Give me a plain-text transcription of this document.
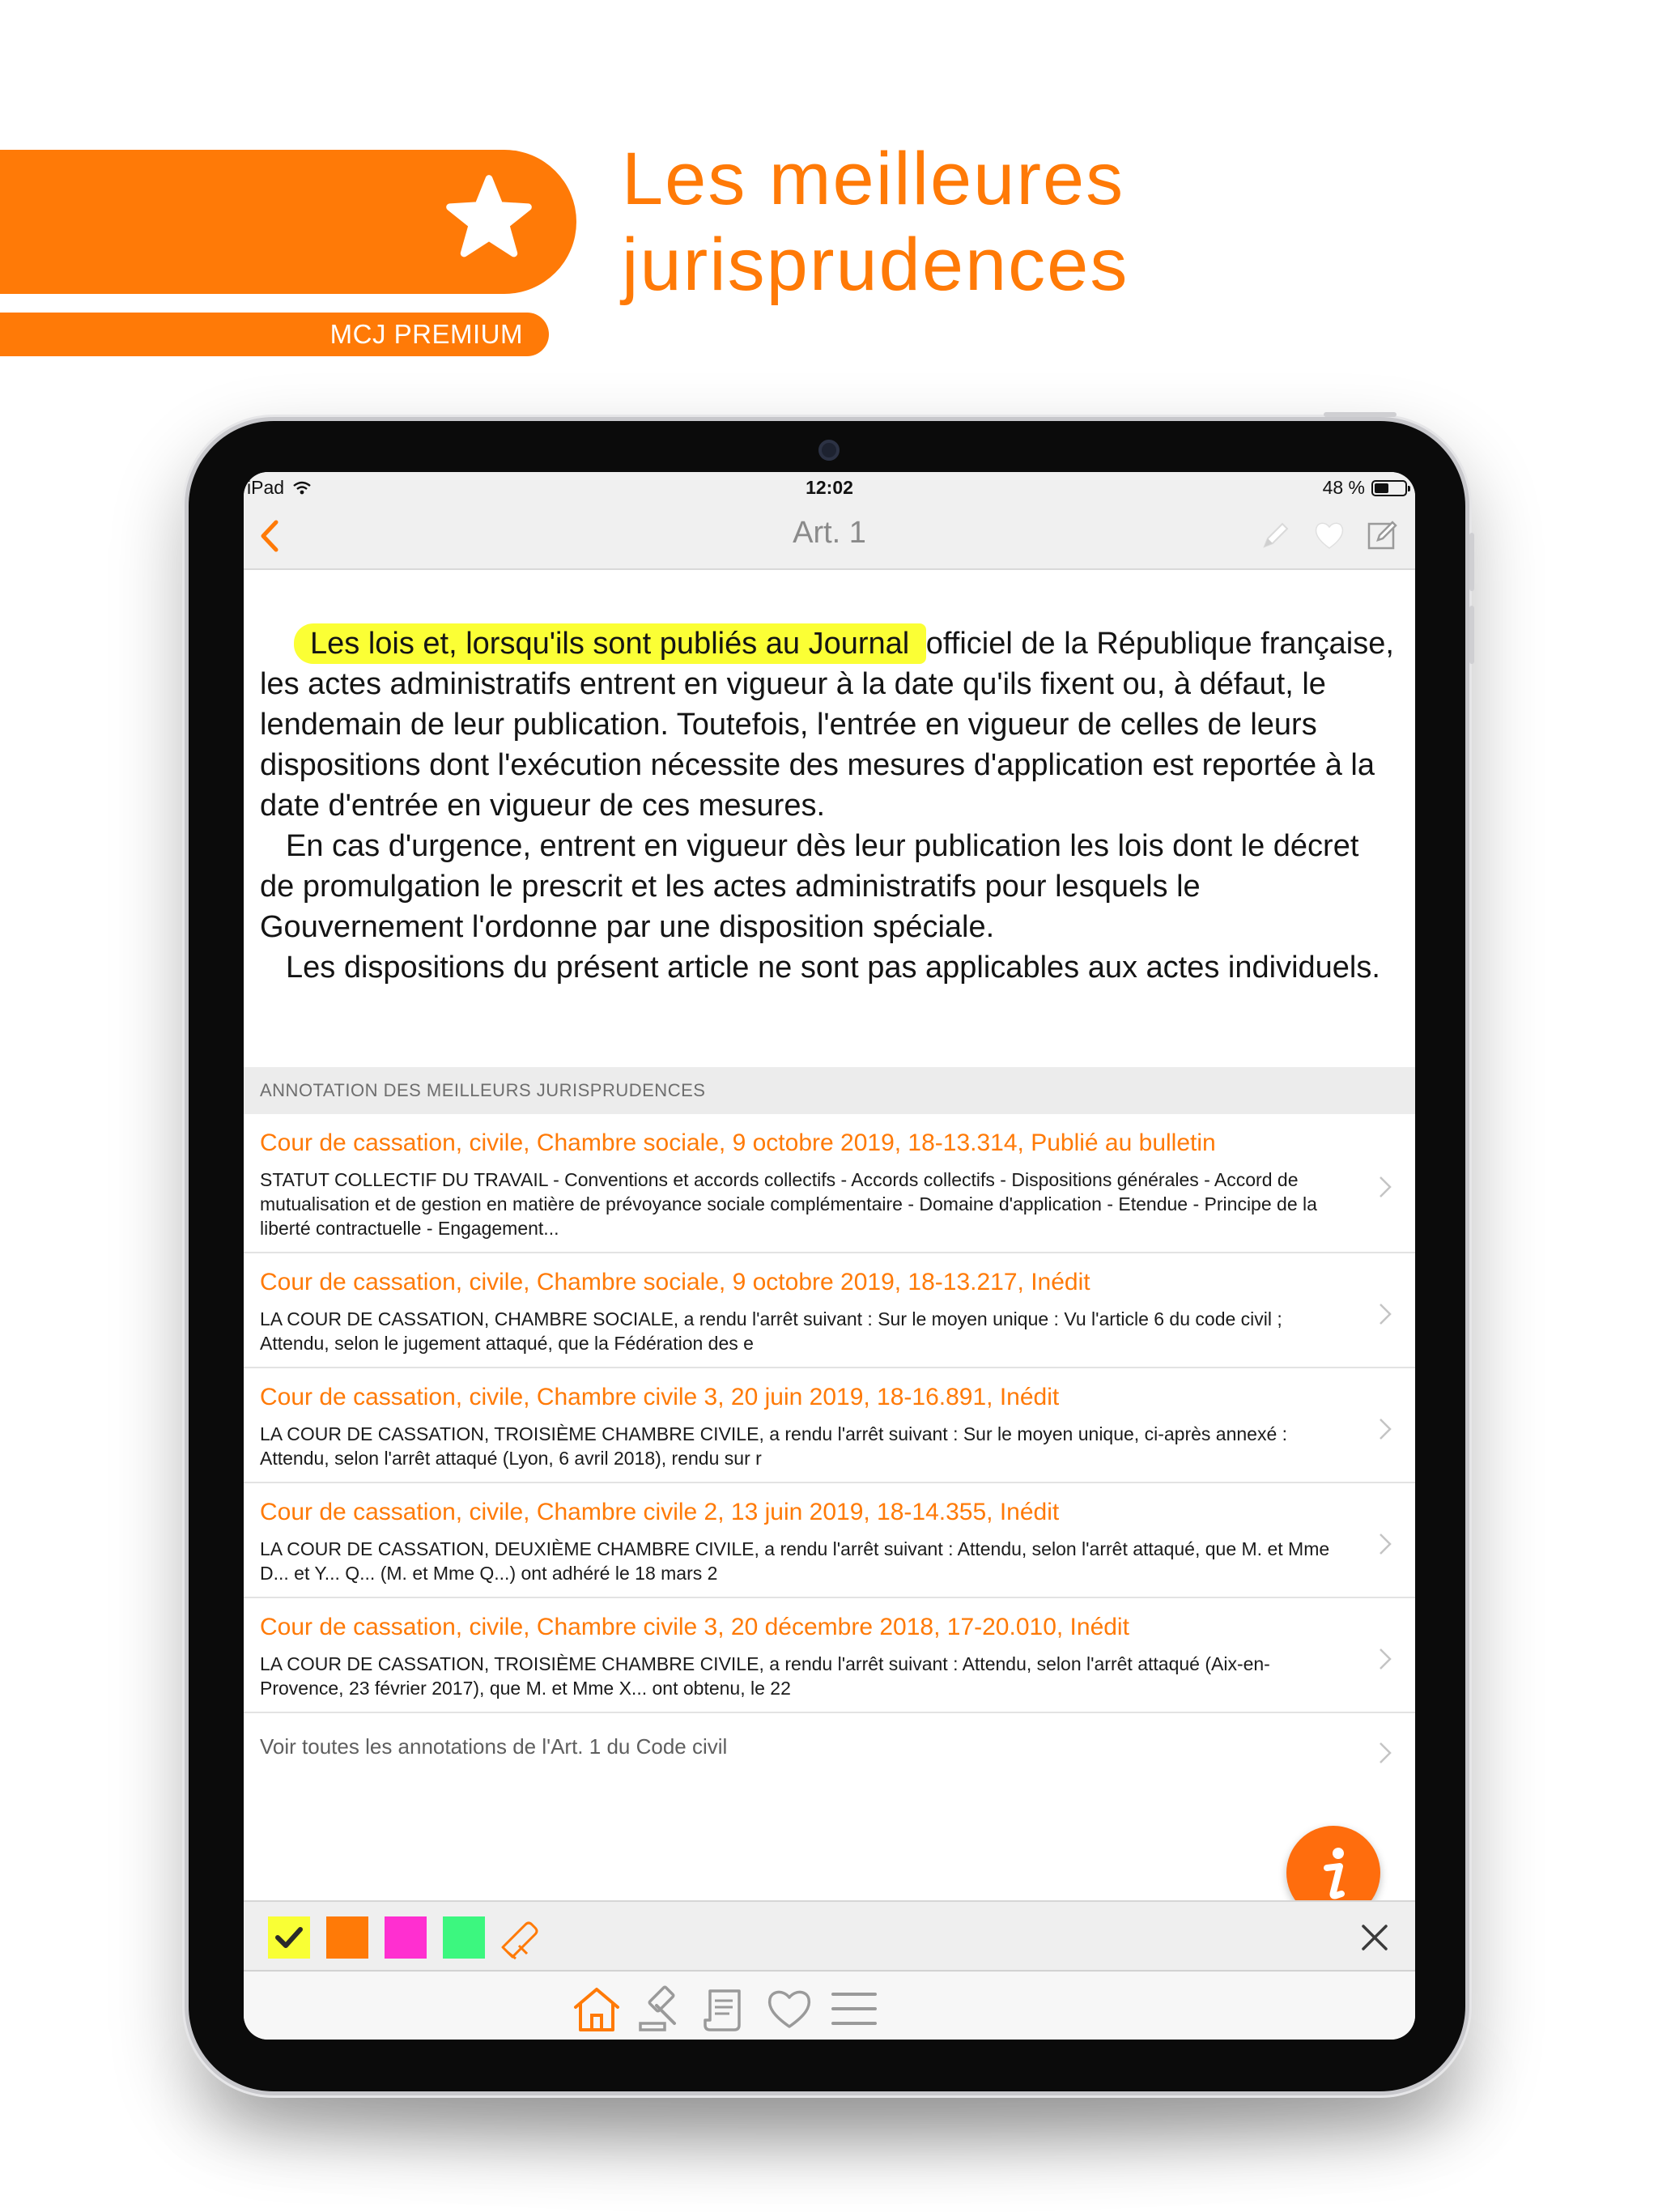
MCJ PREMIUM
Les meilleures
jurisprudences
iPad	12:02	48 %
Art. 1

Les lois et, lorsqu'ils sont publiés au Journal officiel de la République française, les actes administratifs entrent en vigueur à la date qu'ils fixent ou, à défaut, le lendemain de leur publication. Toutefois, l'entrée en vigueur de celles de leurs dispositions dont l'exécution nécessite des mesures d'application est reportée à la date d'entrée en vigueur de ces mesures.

En cas d'urgence, entrent en vigueur dès leur publication les lois dont le décret de promulgation le prescrit et les actes administratifs pour lesquels le Gouvernement l'ordonne par une disposition spéciale.

Les dispositions du présent article ne sont pas applicables aux actes individuels.

ANNOTATION DES MEILLEURS JURISPRUDENCES
Cour de cassation, civile, Chambre sociale, 9 octobre 2019, 18-13.314, Publié au bulletin
STATUT COLLECTIF DU TRAVAIL - Conventions et accords collectifs - Accords collectifs - Dispositions générales - Accord de mutualisation et de gestion en matière de prévoyance sociale complémentaire - Domaine d'application - Etendue - Principe de la liberté contractuelle - Engagement...
Cour de cassation, civile, Chambre sociale, 9 octobre 2019, 18-13.217, Inédit
LA COUR DE CASSATION, CHAMBRE SOCIALE, a rendu l'arrêt suivant : Sur le moyen unique : Vu l'article 6 du code civil ; Attendu, selon le jugement attaqué, que la Fédération des e
Cour de cassation, civile, Chambre civile 3, 20 juin 2019, 18-16.891, Inédit
LA COUR DE CASSATION, TROISIÈME CHAMBRE CIVILE, a rendu l'arrêt suivant : Sur le moyen unique, ci-après annexé : Attendu, selon l'arrêt attaqué (Lyon, 6 avril 2018), rendu sur r
Cour de cassation, civile, Chambre civile 2, 13 juin 2019, 18-14.355, Inédit
LA COUR DE CASSATION, DEUXIÈME CHAMBRE CIVILE, a rendu l'arrêt suivant : Attendu, selon l'arrêt attaqué, que M. et Mme D... et Y... Q... (M. et Mme Q...) ont adhéré le 18 mars 2
Cour de cassation, civile, Chambre civile 3, 20 décembre 2018, 17-20.010, Inédit
LA COUR DE CASSATION, TROISIÈME CHAMBRE CIVILE, a rendu l'arrêt suivant : Attendu, selon l'arrêt attaqué (Aix-en-Provence, 23 février 2017), que M. et Mme X... ont obtenu, le 22
Voir toutes les annotations de l'Art. 1 du Code civil
